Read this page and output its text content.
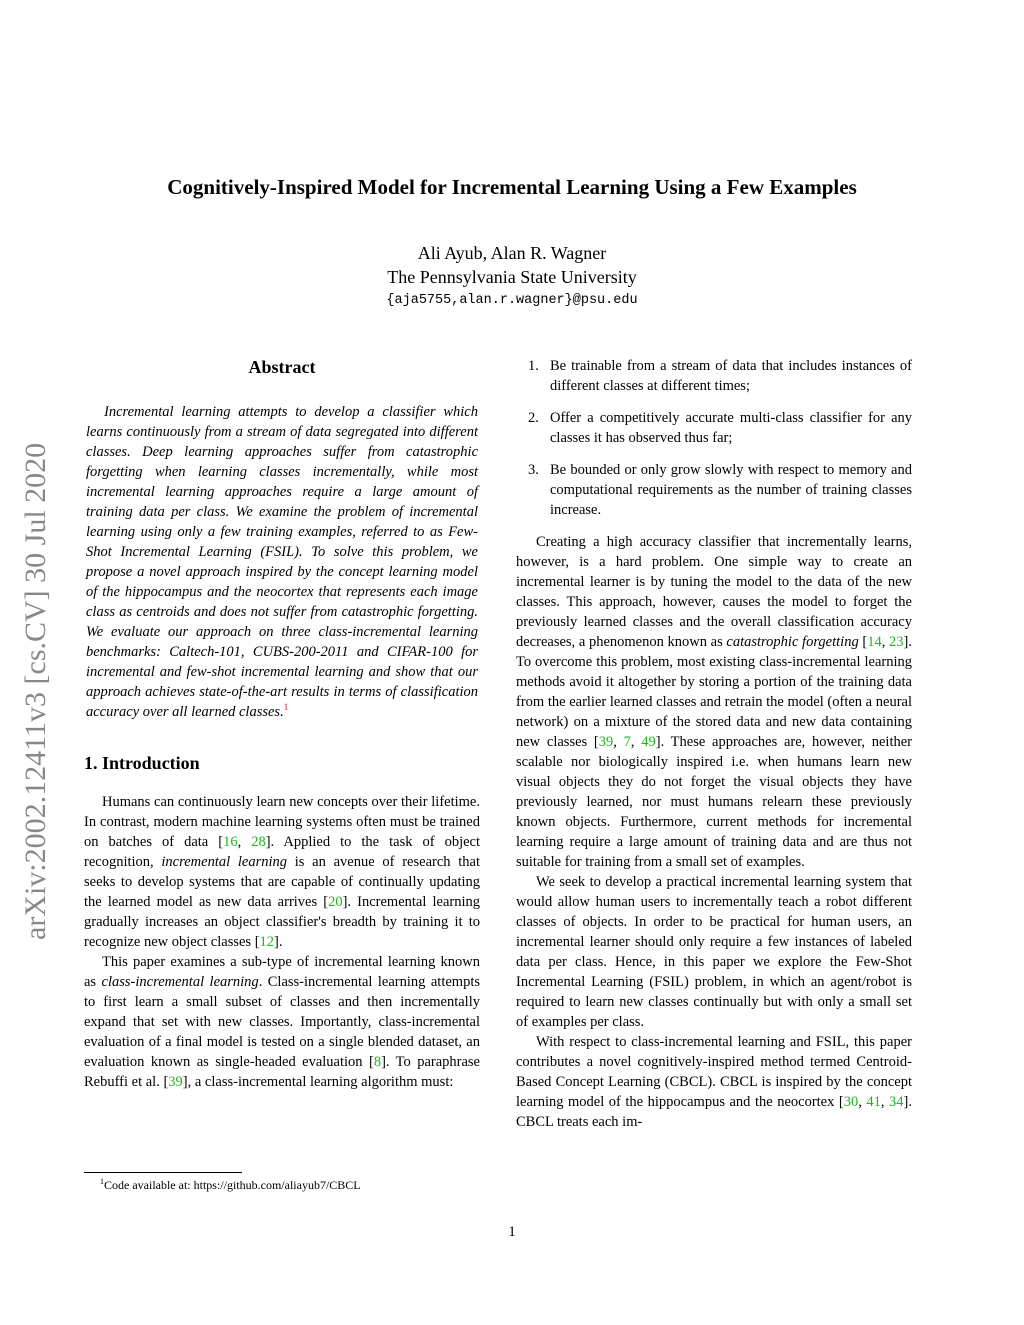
Cognitively-Inspired Model for Incremental Learning Using a Few Examples
Ali Ayub, Alan R. Wagner
The Pennsylvania State University
{aja5755,alan.r.wagner}@psu.edu
arXiv:2002.12411v3 [cs.CV] 30 Jul 2020
Abstract

Incremental learning attempts to develop a classifier which learns continuously from a stream of data segregated into different classes. Deep learning approaches suffer from catastrophic forgetting when learning classes incrementally, while most incremental learning approaches require a large amount of training data per class. We examine the problem of incremental learning using only a few training examples, referred to as Few-Shot Incremental Learning (FSIL). To solve this problem, we propose a novel approach inspired by the concept learning model of the hippocampus and the neocortex that represents each image class as centroids and does not suffer from catastrophic forgetting. We evaluate our approach on three class-incremental learning benchmarks: Caltech-101, CUBS-200-2011 and CIFAR-100 for incremental and few-shot incremental learning and show that our approach achieves state-of-the-art results in terms of classification accuracy over all learned classes.$^1$

1. Introduction

Humans can continuously learn new concepts over their lifetime. In contrast, modern machine learning systems often must be trained on batches of data [16, 28]. Applied to the task of object recognition, incremental learning is an avenue of research that seeks to develop systems that are capable of continually updating the learned model as new data arrives [20]. Incremental learning gradually increases an object classifier's breadth by training it to recognize new object classes [12].

This paper examines a sub-type of incremental learning known as class-incremental learning. Class-incremental learning attempts to first learn a small subset of classes and then incrementally expand that set with new classes. Importantly, class-incremental evaluation of a final model is tested on a single blended dataset, an evaluation known as single-headed evaluation [8]. To paraphrase Rebuffi et al. [39], a class-incremental learning algorithm must:

1. Be trainable from a stream of data that includes instances of different classes at different times;
2. Offer a competitively accurate multi-class classifier for any classes it has observed thus far;
3. Be bounded or only grow slowly with respect to memory and computational requirements as the number of training classes increase.

Creating a high accuracy classifier that incrementally learns, however, is a hard problem. One simple way to create an incremental learner is by tuning the model to the data of the new classes. This approach, however, causes the model to forget the previously learned classes and the overall classification accuracy decreases, a phenomenon known as catastrophic forgetting [14, 23]. To overcome this problem, most existing class-incremental learning methods avoid it altogether by storing a portion of the training data from the earlier learned classes and retrain the model (often a neural network) on a mixture of the stored data and new data containing new classes [39, 7, 49]. These approaches are, however, neither scalable nor biologically inspired i.e. when humans learn new visual objects they do not forget the visual objects they have previously learned, nor must humans relearn these previously known objects. Furthermore, current methods for incremental learning require a large amount of training data and are thus not suitable for training from a small set of examples.

We seek to develop a practical incremental learning system that would allow human users to incrementally teach a robot different classes of objects. In order to be practical for human users, an incremental learner should only require a few instances of labeled data per class. Hence, in this paper we explore the Few-Shot Incremental Learning (FSIL) problem, in which an agent/robot is required to learn new classes continually but with only a small set of examples per class.

With respect to class-incremental learning and FSIL, this paper contributes a novel cognitively-inspired method termed Centroid-Based Concept Learning (CBCL). CBCL is inspired by the concept learning model of the hippocampus and the neocortex [30, 41, 34]. CBCL treats each im-

$^1$Code available at: https://github.com/aliayub7/CBCL
1
